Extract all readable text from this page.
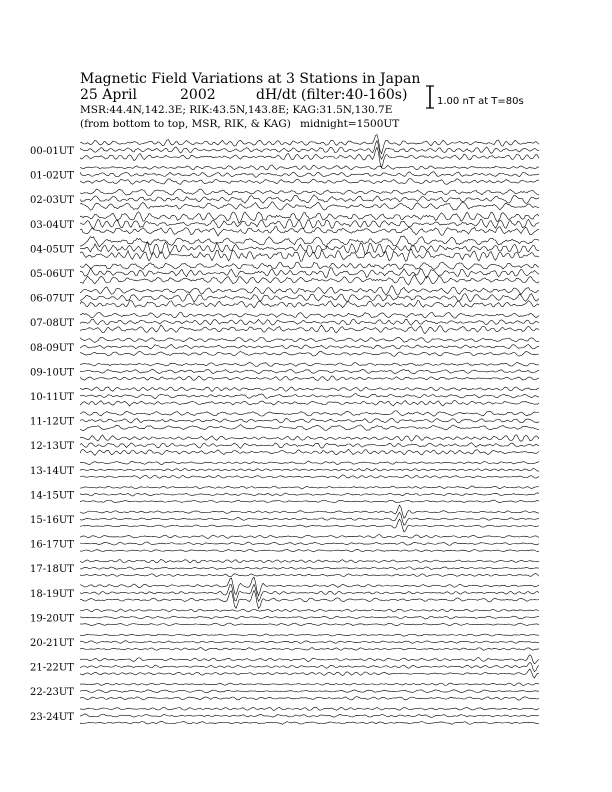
Magnetic Field Variations at 3 Stations in Japan
25 April	2002	dH/dt (filter:40-160s)
MSR:44.4N,142.3E; RIK:43.5N,143.8E; KAG:31.5N,130.7E
(from bottom to top, MSR, RIK, & KAG) midnight=1500UT
1.00 nT at T=80s
00-01UT
01-02UT
02-03UT
03-04UT
04-05UT
05-06UT
06-07UT
07-08UT
08-09UT
09-10UT
10-11UT
11-12UT
12-13UT
13-14UT
14-15UT
15-16UT
16-17UT
17-18UT
18-19UT
19-20UT
20-21UT
21-22UT
22-23UT
23-24UT
